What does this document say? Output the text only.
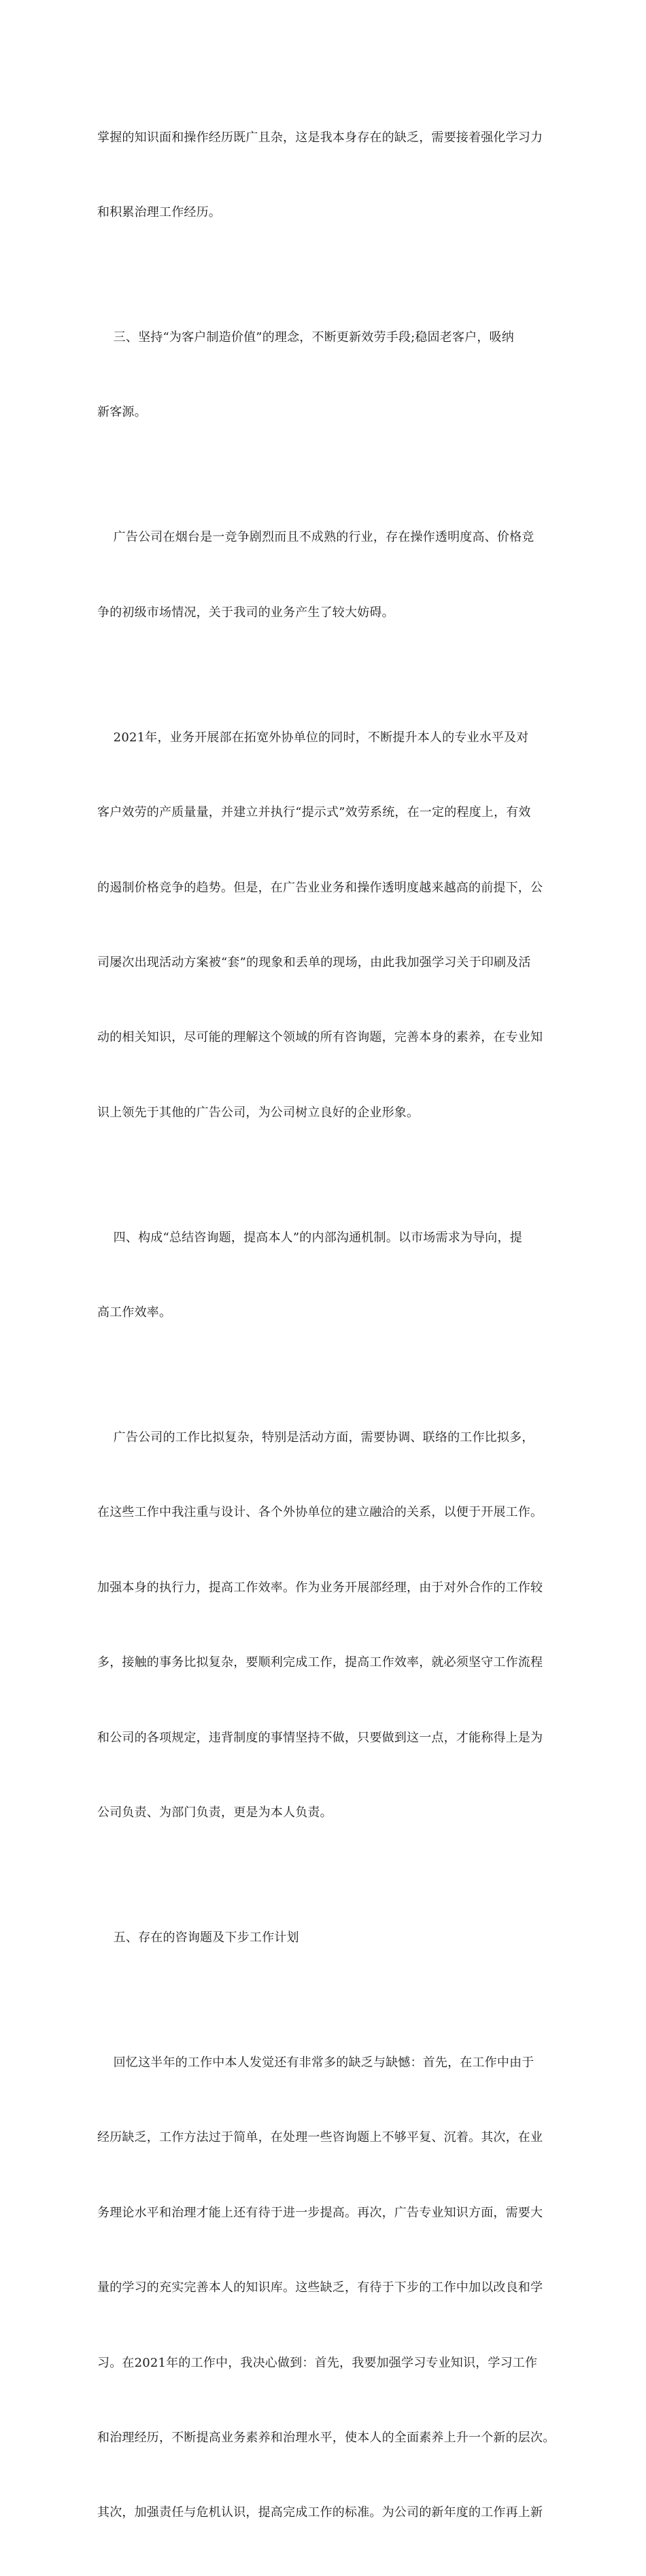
掌握的知识面和操作经历既广且杂，这是我本身存在的缺乏，需要接着强化学习力

和积累治理工作经历。

三、坚持“为客户制造价值”的理念，不断更新效劳手段;稳固老客户，吸纳

新客源。

广告公司在烟台是一竞争剧烈而且不成熟的行业，存在操作透明度高、价格竞

争的初级市场情况，关于我司的业务产生了较大妨碍。

2021年，业务开展部在拓宽外协单位的同时，不断提升本人的专业水平及对

客户效劳的产质量量，并建立并执行“提示式”效劳系统，在一定的程度上，有效

的遏制价格竞争的趋势。但是，在广告业业务和操作透明度越来越高的前提下，公

司屡次出现活动方案被“套”的现象和丢单的现场，由此我加强学习关于印刷及活

动的相关知识，尽可能的理解这个领域的所有咨询题，完善本身的素养，在专业知

识上领先于其他的广告公司，为公司树立良好的企业形象。

四、构成“总结咨询题，提高本人”的内部沟通机制。以市场需求为导向，提

高工作效率。

广告公司的工作比拟复杂，特别是活动方面，需要协调、联络的工作比拟多，

在这些工作中我注重与设计、各个外协单位的建立融洽的关系，以便于开展工作。

加强本身的执行力，提高工作效率。作为业务开展部经理，由于对外合作的工作较

多，接触的事务比拟复杂，要顺利完成工作，提高工作效率，就必须坚守工作流程

和公司的各项规定，违背制度的事情坚持不做，只要做到这一点，才能称得上是为

公司负责、为部门负责，更是为本人负责。

五、存在的咨询题及下步工作计划

回忆这半年的工作中本人发觉还有非常多的缺乏与缺憾：首先，在工作中由于

经历缺乏，工作方法过于简单，在处理一些咨询题上不够平复、沉着。其次，在业

务理论水平和治理才能上还有待于进一步提高。再次，广告专业知识方面，需要大

量的学习的充实完善本人的知识库。这些缺乏，有待于下步的工作中加以改良和学

习。在2021年的工作中，我决心做到：首先，我要加强学习专业知识，学习工作

和治理经历，不断提高业务素养和治理水平，使本人的全面素养上升一个新的层次。

其次，加强责任与危机认识，提高完成工作的标准。为公司的新年度的工作再上新
